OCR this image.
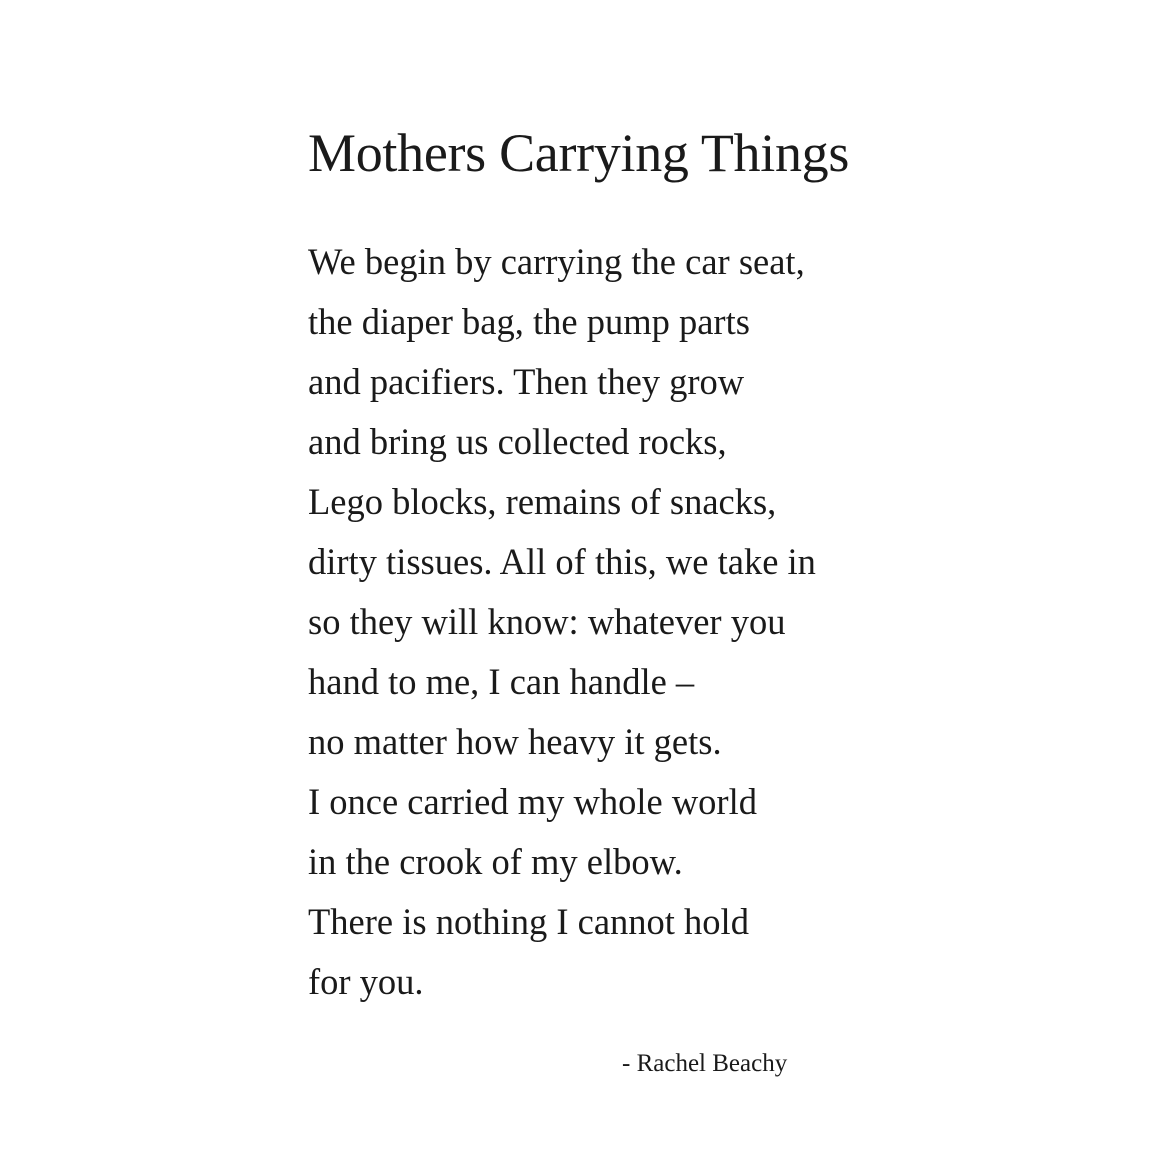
Mothers Carrying Things
We begin by carrying the car seat,
the diaper bag, the pump parts
and pacifiers. Then they grow
and bring us collected rocks,
Lego blocks, remains of snacks,
dirty tissues. All of this, we take in
so they will know: whatever you
hand to me, I can handle –
no matter how heavy it gets.
I once carried my whole world
in the crook of my elbow.
There is nothing I cannot hold
for you.
- Rachel Beachy
